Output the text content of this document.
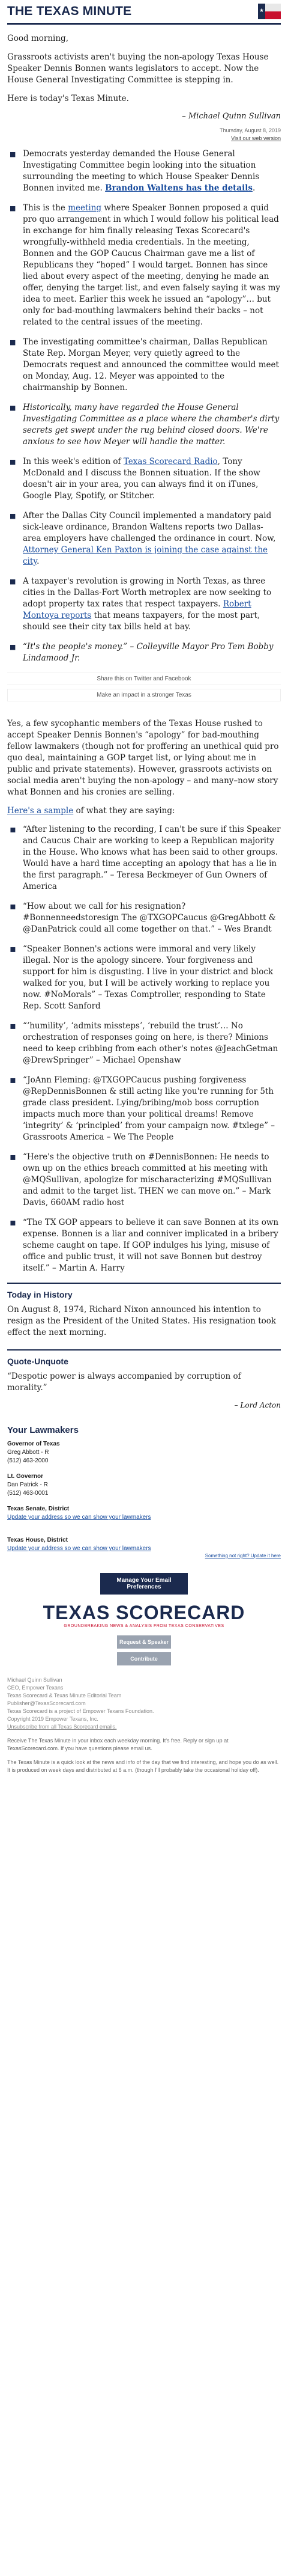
THE TEXAS MINUTE	★

Good morning,

Grassroots activists aren't buying the non-apology Texas House Speaker Dennis Bonnen wants legislators to accept. Now the House General Investigating Committee is stepping in.

Here is today's Texas Minute.

– Michael Quinn Sullivan
Thursday, August 8, 2019
Visit our web version
■ Democrats yesterday demanded the House General Investigating Committee begin looking into the situation surrounding the meeting to which House Speaker Dennis Bonnen invited me. Brandon Waltens has the details.
■ This is the meeting where Speaker Bonnen proposed a quid pro quo arrangement in which I would follow his political lead in exchange for him finally releasing Texas Scorecard's wrongfully-withheld media credentials. In the meeting, Bonnen and the GOP Caucus Chairman gave me a list of Republicans they “hoped” I would target. Bonnen has since lied about every aspect of the meeting, denying he made an offer, denying the target list, and even falsely saying it was my idea to meet. Earlier this week he issued an “apology”… but only for bad-mouthing lawmakers behind their backs – not related to the central issues of the meeting.
■ The investigating committee's chairman, Dallas Republican State Rep. Morgan Meyer, very quietly agreed to the Democrats request and announced the committee would meet on Monday, Aug. 12. Meyer was appointed to the chairmanship by Bonnen.
■ Historically, many have regarded the House General Investigating Committee as a place where the chamber's dirty secrets get swept under the rug behind closed doors. We're anxious to see how Meyer will handle the matter.
■ In this week's edition of Texas Scorecard Radio, Tony McDonald and I discuss the Bonnen situation. If the show doesn't air in your area, you can always find it on iTunes, Google Play, Spotify, or Stitcher.
■ After the Dallas City Council implemented a mandatory paid sick-leave ordinance, Brandon Waltens reports two Dallas-area employers have challenged the ordinance in court. Now, Attorney General Ken Paxton is joining the case against the city.
■ A taxpayer's revolution is growing in North Texas, as three cities in the Dallas-Fort Worth metroplex are now seeking to adopt property tax rates that respect taxpayers. Robert Montoya reports that means taxpayers, for the most part, should see their city tax bills held at bay.
■ “It's the people's money.” – Colleyville Mayor Pro Tem Bobby Lindamood Jr.
Share this on Twitter and Facebook
Make an impact in a stronger Texas

Yes, a few sycophantic members of the Texas House rushed to accept Speaker Dennis Bonnen's “apology” for bad-mouthing fellow lawmakers (though not for proffering an unethical quid pro quo deal, maintaining a GOP target list, or lying about me in public and private statements). However, grassroots activists on social media aren't buying the non-apology – and many–now story what Bonnen and his cronies are selling.

Here's a sample of what they are saying:

▪ “After listening to the recording, I can't be sure if this Speaker and Caucus Chair are working to keep a Republican majority in the House. Who knows what has been said to other groups. Would have a hard time accepting an apology that has a lie in the first paragraph.” – Teresa Beckmeyer of Gun Owners of America
▪ “How about we call for his resignation? #Bonnenneedstoresign The @TXGOPCaucus @GregAbbott & @DanPatrick could all come together on that.” – Wes Brandt
▪ “Speaker Bonnen's actions were immoral and very likely illegal. Nor is the apology sincere. Your forgiveness and support for him is disgusting. I live in your district and block walked for you, but I will be actively working to replace you now. #NoMorals” – Texas Comptroller, responding to State Rep. Scott Sanford
▪ “‘humility’, ‘admits missteps’, ‘rebuild the trust’… No orchestration of responses going on here, is there? Minions need to keep cribbing from each other's notes @JeachGetman @DrewSpringer” – Michael Openshaw
▪ “JoAnn Fleming: @TXGOPCaucus pushing forgiveness @RepDennisBonnen & still acting like you're running for 5th grade class president. Lying/bribing/mob boss corruption impacts much more than your political dreams! Remove ‘integrity’ & ‘principled’ from your campaign now. #txlege” – Grassroots America – We The People
▪ “Here's the objective truth on #DennisBonnen: He needs to own up on the ethics breach committed at his meeting with @MQSullivan, apologize for mischaracterizing #MQSullivan and admit to the target list. THEN we can move on.” – Mark Davis, 660AM radio host
▪ “The TX GOP appears to believe it can save Bonnen at its own expense. Bonnen is a liar and conniver implicated in a bribery scheme caught on tape. If GOP indulges his lying, misuse of office and public trust, it will not save Bonnen but destroy itself.” – Martin A. Harry
Today in History

On August 8, 1974, Richard Nixon announced his intention to resign as the President of the United States. His resignation took effect the next morning.

Quote-Unquote

“Despotic power is always accompanied by corruption of morality.”

– Lord Acton
Your Lawmakers
Governor of Texas
Greg Abbott - R
(512) 463-2000
Lt. Governor
Dan Patrick - R
(512) 463-0001
Texas Senate, District
Update your address so we can show your lawmakers
Texas House, District
Update your address so we can show your lawmakers
Something not right? Update it here
Manage Your Email Preferences
TEXAS SCORECARD
GROUNDBREAKING NEWS & ANALYSIS FROM TEXAS CONSERVATIVES
Request & Speaker
Contribute
Michael Quinn Sullivan
CEO, Empower Texans
Texas Scorecard & Texas Minute Editorial Team
Publisher@TexasScorecard.com
Texas Scorecard is a project of Empower Texans Foundation.
Copyright 2019 Empower Texans, Inc.
Unsubscribe from all Texas Scorecard emails.
Receive The Texas Minute in your inbox each weekday morning. It's free. Reply or sign up at TexasScorecard.com. If you have questions please email us.
The Texas Minute is a quick look at the news and info of the day that we find interesting, and hope you do as well. It is produced on week days and distributed at 6 a.m. (though I'll probably take the occasional holiday off).
